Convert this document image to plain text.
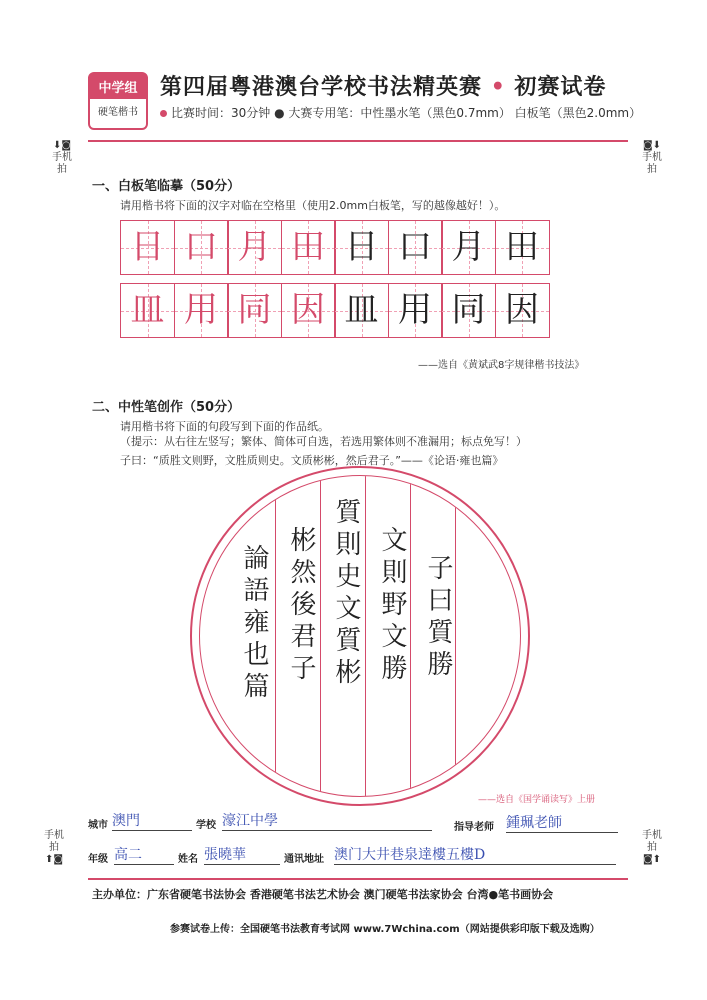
中学组
硬笔楷书
第四届粤港澳台学校书法精英赛 • 初赛试卷
比赛时间：30分钟 ● 大赛专用笔：中性墨水笔（黑色0.7mm） 白板笔（黑色2.0mm）
⬇◙
手机拍
◙⬇
手机拍
手机拍
⬆◙
手机拍
◙⬆
一、白板笔临摹（50分）
请用楷书将下面的汉字对临在空格里（使用2.0mm白板笔，写的越像越好！）。
日 口 月 田 日 口 月 田
皿 用 同 因 皿 用 同 因
——选自《黄斌武8字规律楷书技法》
二、中性笔创作（50分）
请用楷书将下面的句段写到下面的作品纸。
（提示：从右往左竖写；繁体、简体可自选，若选用繁体则不准漏用；标点免写！）
子曰：“质胜文则野，文胜质则史。文质彬彬，然后君子。”——《论语·雍也篇》
子曰質勝
文則野文勝
質則史文質彬
彬然後君子
論語雍也篇
——选自《国学诵读写》上册
城市 澳門	学校 濠江中學	指导老师 鍾珮老師
年级 高二	姓名 張曉華	通讯地址 澳门大井巷泉達樓五樓D
主办单位：广东省硬笔书法协会 香港硬笔书法艺术协会 澳门硬笔书法家协会 台湾●笔书画协会
参赛试卷上传：全国硬笔书法教育考试网 www.7Wchina.com（网站提供彩印版下载及选购）
